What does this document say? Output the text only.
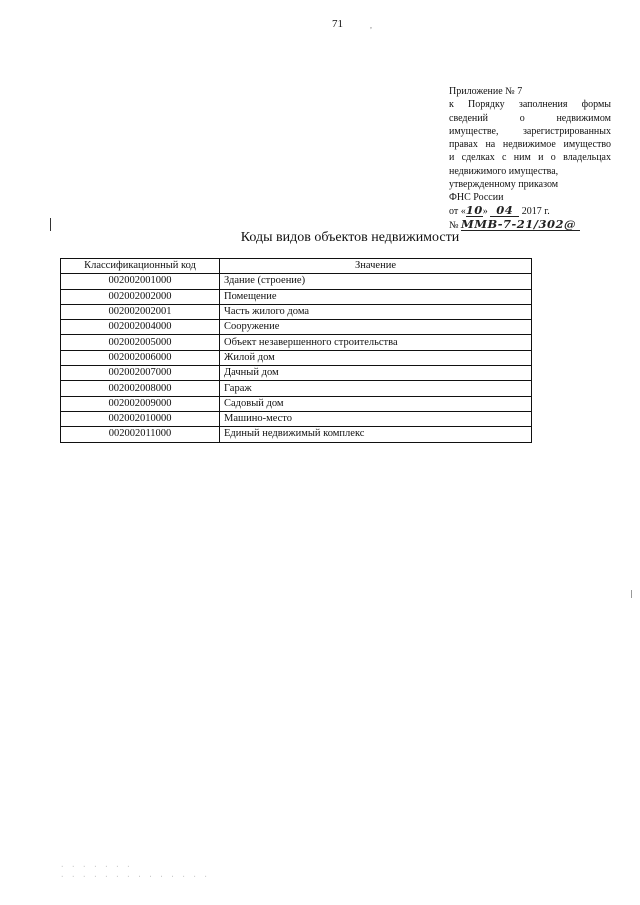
71	,
Приложение № 7
к Порядку заполнения формы
сведений о недвижимом
имуществе, зарегистрированных
правах на недвижимое имущество
и сделках с ним и о владельцах
недвижимого имущества,
утвержденному приказом
ФНС России
от «10» 04 2017 г.
№ ММВ-7-21/302@
Коды видов объектов недвижимости
Классификационный код	Значение
002002001000	Здание (строение)
002002002000	Помещение
002002002001	Часть жилого дома
002002004000	Сооружение
002002005000	Объект незавершенного строительства
002002006000	Жилой дом
002002007000	Дачный дом
002002008000	Гараж
002002009000	Садовый дом
002002010000	Машино-место
002002011000	Единый недвижимый комплекс
· · · · · · ·
· · · · · · · · · · · · · ·
